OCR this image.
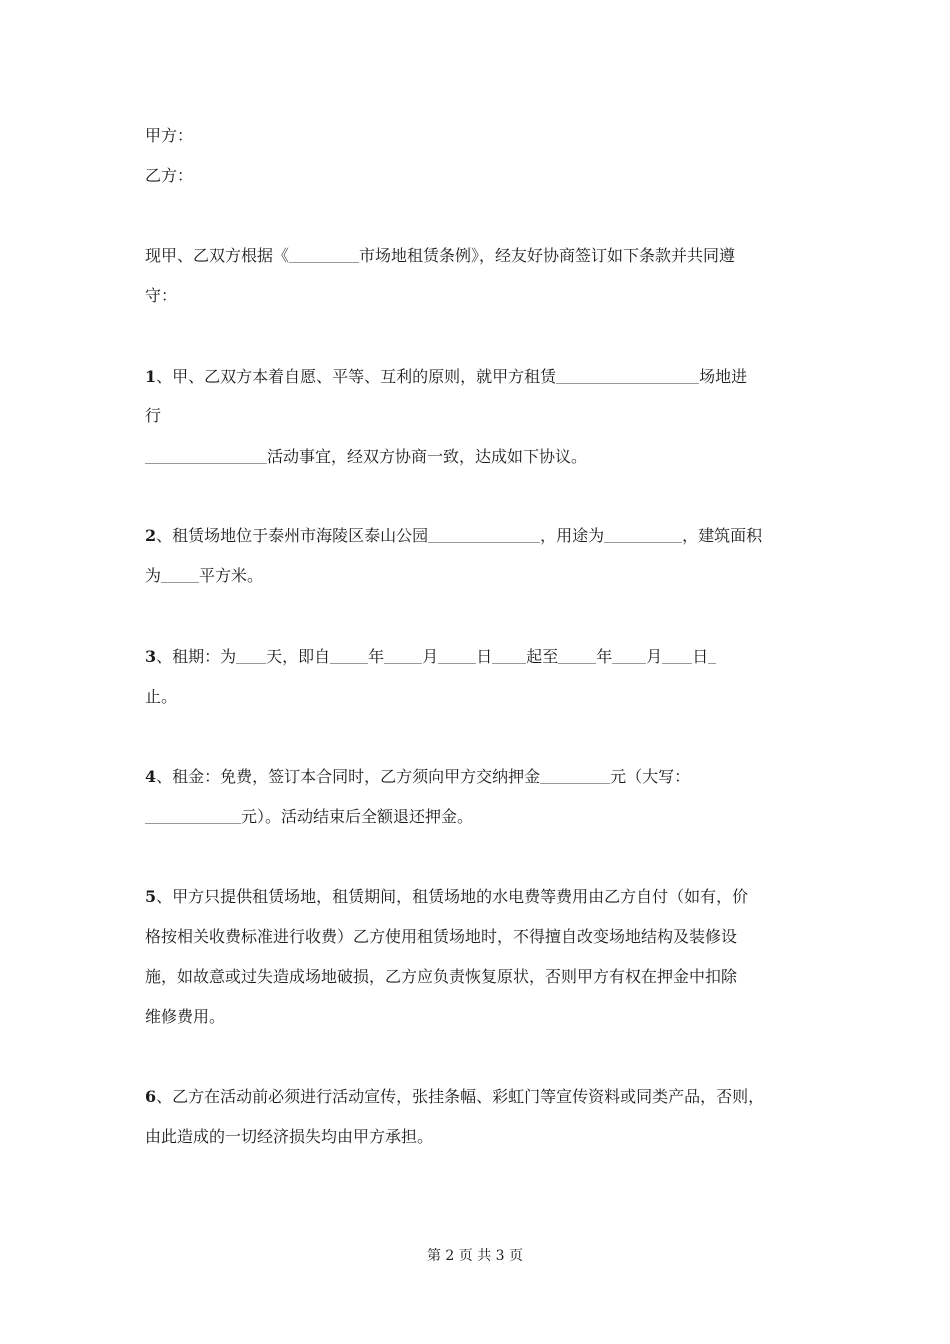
甲方：
乙方：
现甲、乙双方根据《	市场地租赁条例》，经友好协商签订如下条款并共同遵
守：
1、甲、乙双方本着自愿、平等、互利的原则，就甲方租赁	场地进
行
活动事宜，经双方协商一致，达成如下协议。
2、租赁场地位于泰州市海陵区泰山公园	，用途为	，建筑面积
为 平方米。
3、租期：为 天，即自 年 月 日 起至 年 月 日
止。
4、租金：免费，签订本合同时，乙方须向甲方交纳押金	元（大写：
元）。活动结束后全额退还押金。
5、甲方只提供租赁场地，租赁期间，租赁场地的水电费等费用由乙方自付（如有，价
格按相关收费标准进行收费）乙方使用租赁场地时，不得擅自改变场地结构及装修设
施，如故意或过失造成场地破损，乙方应负责恢复原状，否则甲方有权在押金中扣除
维修费用。
6、乙方在活动前必须进行活动宣传，张挂条幅、彩虹门等宣传资料或同类产品，否则，
由此造成的一切经济损失均由甲方承担。
第 2 页 共 3 页
